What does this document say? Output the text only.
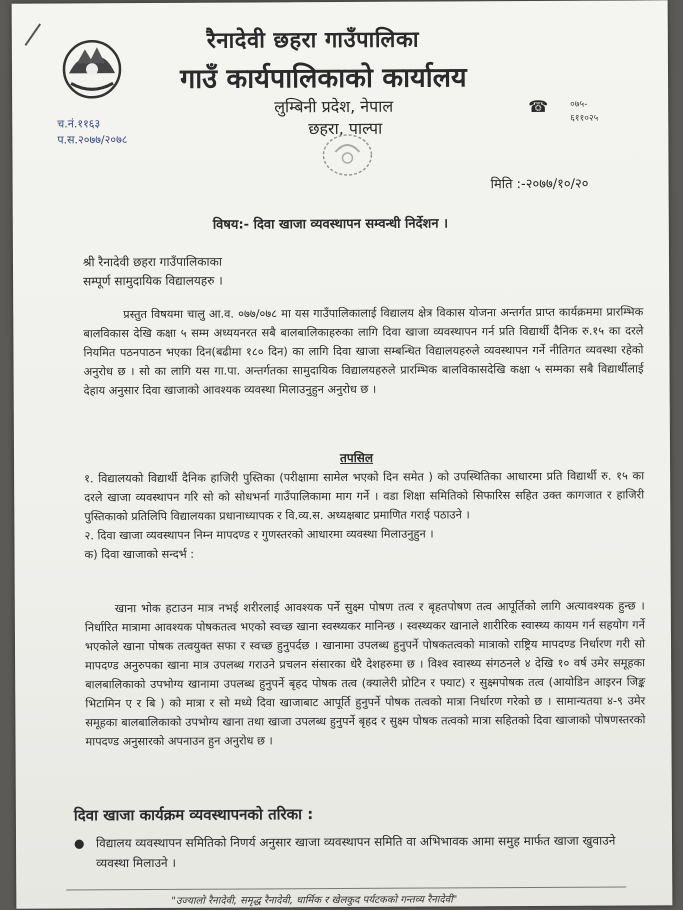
रैनादेवी छहरा गाउँपालिका
गाउँ कार्यपालिकाको कार्यालय
लुम्बिनी प्रदेश, नेपाल
छहरा, पाल्पा
☎ ०७५-
६११०२५
च.नं.११६३
प.स.२०७७/२०७८
मिति :-२०७७/१०/२०
विषय:- दिवा खाजा व्यवस्थापन सम्वन्धी निर्देशन ।
श्री रैनादेवी छहरा गाउँपालिकाका
सम्पूर्ण सामुदायिक विद्यालयहरु ।

प्रस्तुत विषयमा चालु आ.व. ०७७/०७८ मा यस गाउँपालिकालाई विद्यालय क्षेत्र विकास योजना अन्तर्गत प्राप्त कार्यक्रममा प्रारम्भिक बालविकास देखि कक्षा ५ सम्म अध्ययनरत सबै बालबालिकाहरुका लागि दिवा खाजा व्यवस्थापन गर्न प्रति विद्यार्थी दैनिक रु.१५ का दरले नियमित पठनपाठन भएका दिन(बढीमा १८० दिन) का लागि दिवा खाजा सम्बन्धित विद्यालयहरुले व्यवस्थापन गर्ने नीतिगत व्यवस्था रहेको अनुरोध छ । सो का लागि यस गा.पा. अन्तर्गतका सामुदायिक विद्यालयहरुले प्रारम्भिक बालविकासदेखि कक्षा ५ सम्मका सबै विद्यार्थीलाई देहाय अनुसार दिवा खाजाको आवश्यक व्यवस्था मिलाउनुहुन अनुरोध छ ।

तपसिल
१. विद्यालयको विद्यार्थी दैनिक हाजिरी पुस्तिका (परीक्षामा सामेल भएको दिन समेत ) को उपस्थितिका आधारमा प्रति विद्यार्थी रु. १५ का दरले खाजा व्यवस्थापन गरि सो को सोधभर्ना गाउँपालिकामा माग गर्ने । वडा शिक्षा समितिको सिफारिस सहित उक्त कागजात र हाजिरी पुस्तिकाको प्रतिलिपि विद्यालयका प्रधानाध्यापक र वि.व्य.स. अध्यक्षबाट प्रमाणित गराई पठाउने ।
२. दिवा खाजा व्यवस्थापन निम्न मापदण्ड र गुणस्तरको आधारमा व्यवस्था मिलाउनुहुन ।
क) दिवा खाजाको सन्दर्भ :

खाना भोक हटाउन मात्र नभई शरीरलाई आवश्यक पर्ने सुक्ष्म पोषण तत्व र बृहतपोषण तत्व आपूर्तिको लागि अत्यावश्यक हुन्छ । निर्धारित मात्रामा आवश्यक पोषकतत्व भएको स्वच्छ खाना स्वस्थ्यकर मानिन्छ । स्वस्थ्यकर खानाले शारीरिक स्वास्थ्य कायम गर्न सहयोग गर्ने भएकोले खाना पोषक तत्वयुक्त सफा र स्वच्छ हुनुपर्दछ । खानामा उपलब्ध हुनुपर्ने पोषकतत्वको मात्राको राष्ट्रिय मापदण्ड निर्धारण गरी सो मापदण्ड अनुरुपका खाना मात्र उपलब्ध गराउने प्रचलन संसारका धेरै देशहरुमा छ । विश्व स्वास्थ्य संगठनले ४ देखि १० वर्ष उमेर समूहका बालबालिकाको उपभोग्य खानामा उपलब्ध हुनुपर्ने बृहद पोषक तत्व (क्यालेरी प्रोटिन र फ्याट) र सुक्ष्मपोषक तत्व (आयोडिन आइरन जिङ्क भिटामिन ए र बि ) को मात्रा र सो मध्ये दिवा खाजाबाट आपूर्ति हुनुपर्ने पोषक तत्वको मात्रा निर्धारण गरेको छ । सामान्यतया ४-९ उमेर समूहका बालबालिकाको उपभोग्य खाना तथा खाजा उपलब्ध हुनुपर्ने बृहद र सुक्ष्म पोषक तत्वको मात्रा सहितको दिवा खाजाको पोषणस्तरको मापदण्ड अनुसारको अपनाउन हुन अनुरोध छ ।

दिवा खाजा कार्यक्रम व्यवस्थापनको तरिका :
● विद्यालय व्यवस्थापन समितिको निणर्य अनुसार खाजा व्यवस्थापन समिति वा अभिभावक आमा समुह मार्फत खाजा खुवाउने व्यवस्था मिलाउने ।
"उज्यालो रैनादेवी, समृद्ध रैनादेवी, धार्मिक र खेलकुद पर्यटकको गन्तव्य रैनादेवी"
